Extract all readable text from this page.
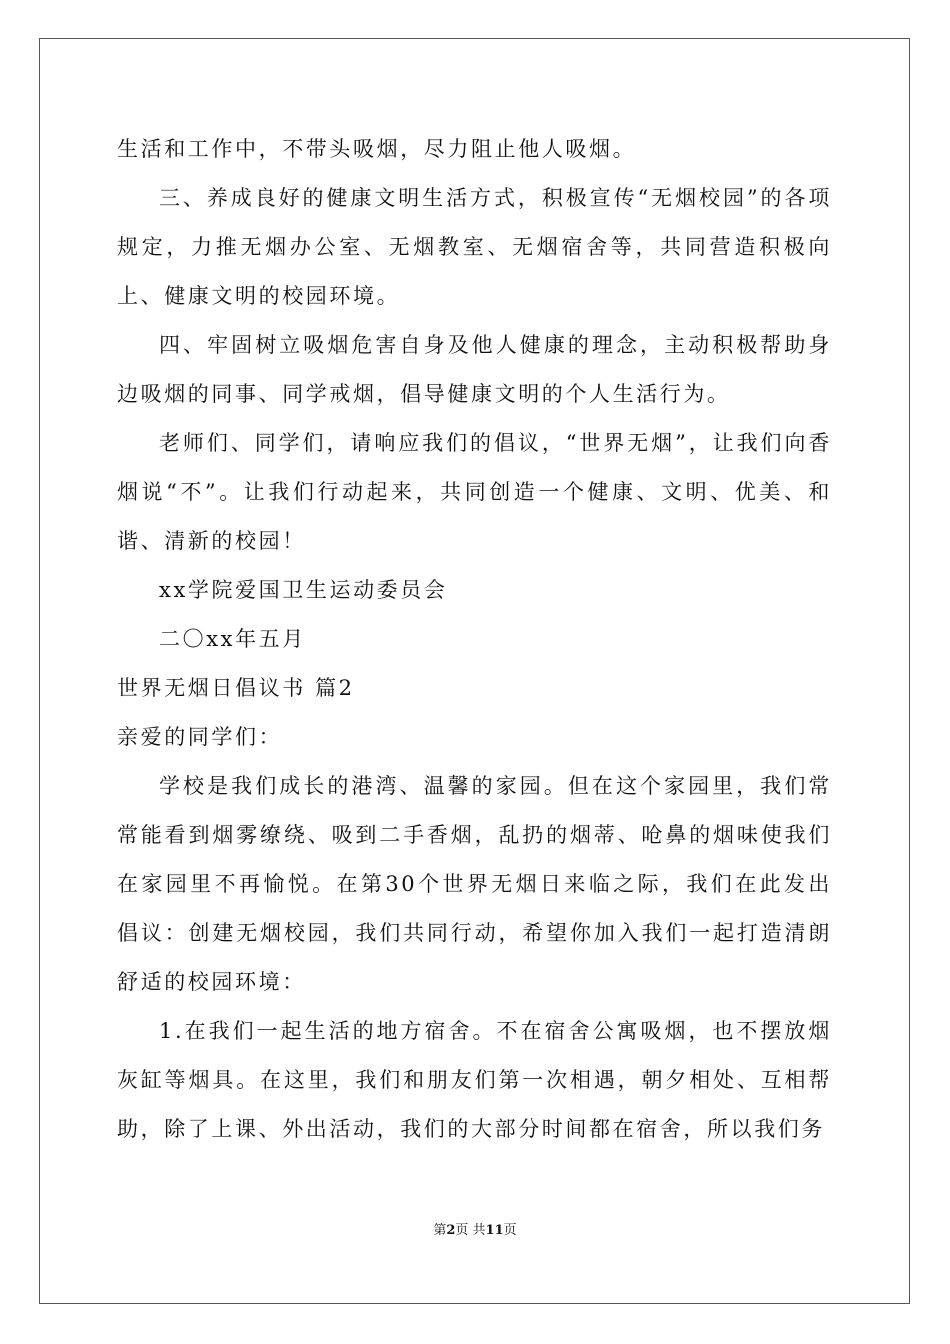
生活和工作中，不带头吸烟，尽力阻止他人吸烟。

三、养成良好的健康文明生活方式，积极宣传“无烟校园”的各项规定，力推无烟办公室、无烟教室、无烟宿舍等，共同营造积极向上、健康文明的校园环境。

四、牢固树立吸烟危害自身及他人健康的理念，主动积极帮助身边吸烟的同事、同学戒烟，倡导健康文明的个人生活行为。

老师们、同学们，请响应我们的倡议，“世界无烟”，让我们向香烟说“不”。让我们行动起来，共同创造一个健康、文明、优美、和谐、清新的校园！

xx学院爱国卫生运动委员会

二〇xx年五月

世界无烟日倡议书 篇2

亲爱的同学们：

学校是我们成长的港湾、温馨的家园。但在这个家园里，我们常常能看到烟雾缭绕、吸到二手香烟，乱扔的烟蒂、呛鼻的烟味使我们在家园里不再愉悦。在第30个世界无烟日来临之际，我们在此发出倡议：创建无烟校园，我们共同行动，希望你加入我们一起打造清朗舒适的校园环境：

1.在我们一起生活的地方宿舍。不在宿舍公寓吸烟，也不摆放烟灰缸等烟具。在这里，我们和朋友们第一次相遇，朝夕相处、互相帮助，除了上课、外出活动，我们的大部分时间都在宿舍，所以我们务

第2页 共11页
